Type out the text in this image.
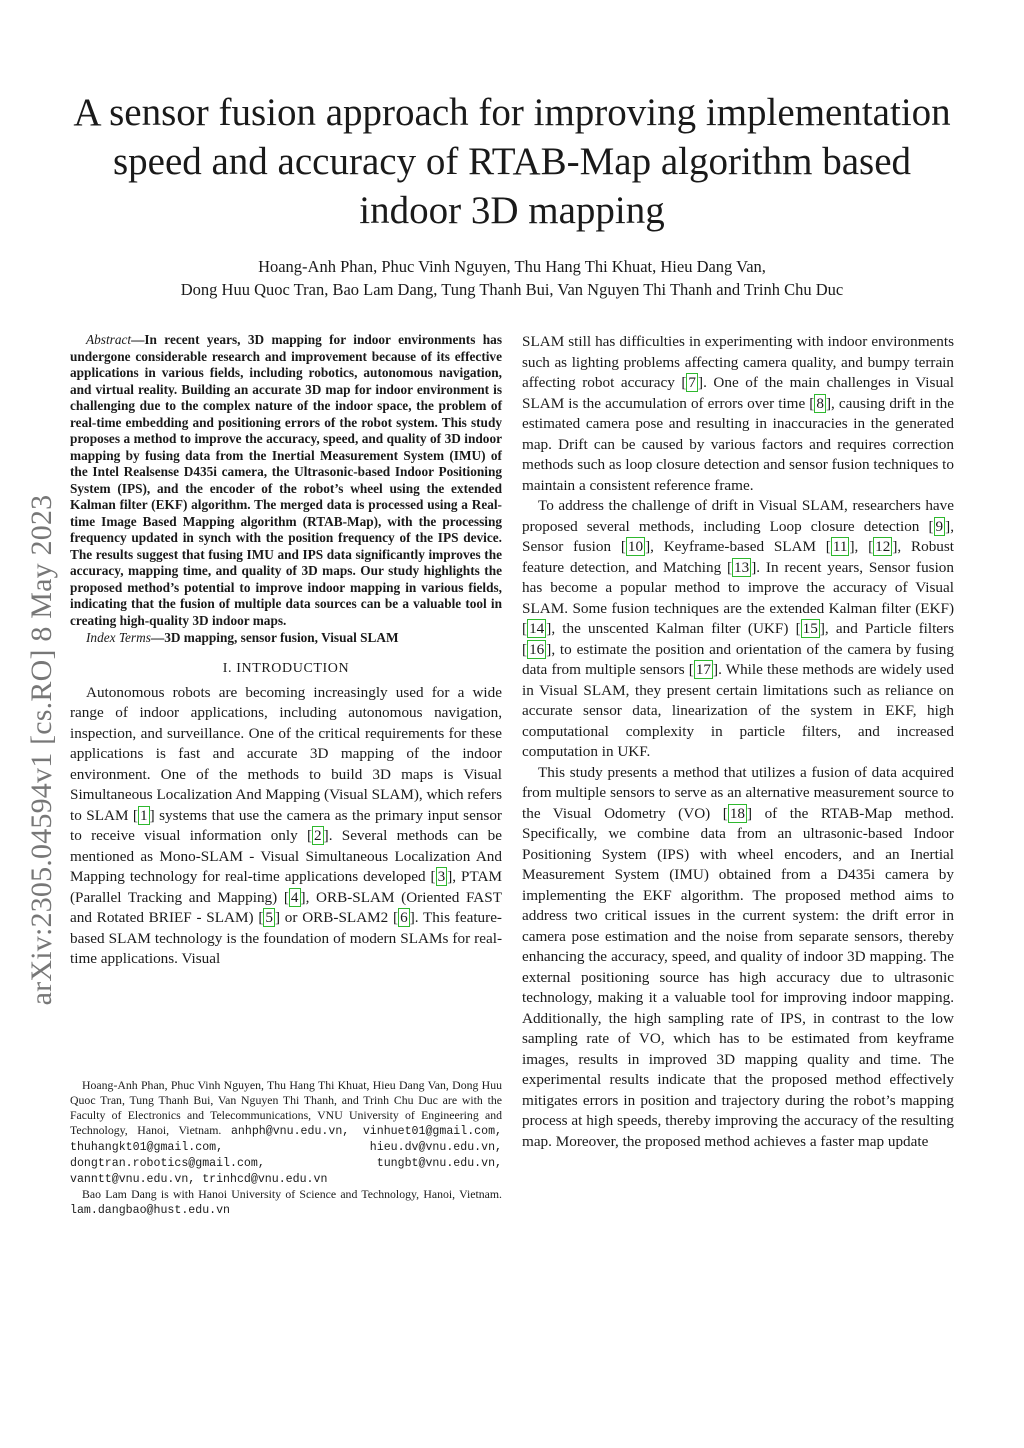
arXiv:2305.04594v1 [cs.RO] 8 May 2023
A sensor fusion approach for improving implementation speed and accuracy of RTAB-Map algorithm based indoor 3D mapping
Hoang-Anh Phan, Phuc Vinh Nguyen, Thu Hang Thi Khuat, Hieu Dang Van,
Dong Huu Quoc Tran, Bao Lam Dang, Tung Thanh Bui, Van Nguyen Thi Thanh and Trinh Chu Duc

Abstract—In recent years, 3D mapping for indoor environments has undergone considerable research and improvement because of its effective applications in various fields, including robotics, autonomous navigation, and virtual reality. Building an accurate 3D map for indoor environment is challenging due to the complex nature of the indoor space, the problem of real-time embedding and positioning errors of the robot system. This study proposes a method to improve the accuracy, speed, and quality of 3D indoor mapping by fusing data from the Inertial Measurement System (IMU) of the Intel Realsense D435i camera, the Ultrasonic-based Indoor Positioning System (IPS), and the encoder of the robot’s wheel using the extended Kalman filter (EKF) algorithm. The merged data is processed using a Real-time Image Based Mapping algorithm (RTAB-Map), with the processing frequency updated in synch with the position frequency of the IPS device. The results suggest that fusing IMU and IPS data significantly improves the accuracy, mapping time, and quality of 3D maps. Our study highlights the proposed method’s potential to improve indoor mapping in various fields, indicating that the fusion of multiple data sources can be a valuable tool in creating high-quality 3D indoor maps.

Index Terms—3D mapping, sensor fusion, Visual SLAM

I. INTRODUCTION

Autonomous robots are becoming increasingly used for a wide range of indoor applications, including autonomous navigation, inspection, and surveillance. One of the critical requirements for these applications is fast and accurate 3D mapping of the indoor environment. One of the methods to build 3D maps is Visual Simultaneous Localization And Mapping (Visual SLAM), which refers to SLAM [ 1 ] systems that use the camera as the primary input sensor to receive visual information only [ 2 ]. Several methods can be mentioned as Mono-SLAM - Visual Simultaneous Localization And Mapping technology for real-time applications developed [ 3 ], PTAM (Parallel Tracking and Mapping) [ 4 ], ORB-SLAM (Oriented FAST and Rotated BRIEF - SLAM) [ 5 ] or ORB-SLAM2 [ 6 ]. This feature-based SLAM technology is the foundation of modern SLAMs for real-time applications. Visual

Hoang-Anh Phan, Phuc Vinh Nguyen, Thu Hang Thi Khuat, Hieu Dang Van, Dong Huu Quoc Tran, Tung Thanh Bui, Van Nguyen Thi Thanh, and Trinh Chu Duc are with the Faculty of Electronics and Telecommunications, VNU University of Engineering and Technology, Hanoi, Vietnam. anhph@vnu.edu.vn, vinhuet01@gmail.com, thuhangkt01@gmail.com, hieu.dv@vnu.edu.vn, dongtran.robotics@gmail.com, tungbt@vnu.edu.vn, vanntt@vnu.edu.vn, trinhcd@vnu.edu.vn

Bao Lam Dang is with Hanoi University of Science and Technology, Hanoi, Vietnam. lam.dangbao@hust.edu.vn

SLAM still has difficulties in experimenting with indoor environments such as lighting problems affecting camera quality, and bumpy terrain affecting robot accuracy [ 7 ]. One of the main challenges in Visual SLAM is the accumulation of errors over time [ 8 ], causing drift in the estimated camera pose and resulting in inaccuracies in the generated map. Drift can be caused by various factors and requires correction methods such as loop closure detection and sensor fusion techniques to maintain a consistent reference frame.

To address the challenge of drift in Visual SLAM, researchers have proposed several methods, including Loop closure detection [ 9 ], Sensor fusion [ 10 ], Keyframe-based SLAM [ 11 ], [ 12 ], Robust feature detection, and Matching [ 13 ]. In recent years, Sensor fusion has become a popular method to improve the accuracy of Visual SLAM. Some fusion techniques are the extended Kalman filter (EKF) [ 14 ], the unscented Kalman filter (UKF) [ 15 ], and Particle filters [ 16 ], to estimate the position and orientation of the camera by fusing data from multiple sensors [ 17 ]. While these methods are widely used in Visual SLAM, they present certain limitations such as reliance on accurate sensor data, linearization of the system in EKF, high computational complexity in particle filters, and increased computation in UKF.

This study presents a method that utilizes a fusion of data acquired from multiple sensors to serve as an alternative measurement source to the Visual Odometry (VO) [ 18 ] of the RTAB-Map method. Specifically, we combine data from an ultrasonic-based Indoor Positioning System (IPS) with wheel encoders, and an Inertial Measurement System (IMU) obtained from a D435i camera by implementing the EKF algorithm. The proposed method aims to address two critical issues in the current system: the drift error in camera pose estimation and the noise from separate sensors, thereby enhancing the accuracy, speed, and quality of indoor 3D mapping. The external positioning source has high accuracy due to ultrasonic technology, making it a valuable tool for improving indoor mapping. Additionally, the high sampling rate of IPS, in contrast to the low sampling rate of VO, which has to be estimated from keyframe images, results in improved 3D mapping quality and time. The experimental results indicate that the proposed method effectively mitigates errors in position and trajectory during the robot’s mapping process at high speeds, thereby improving the accuracy of the resulting map. Moreover, the proposed method achieves a faster map update
